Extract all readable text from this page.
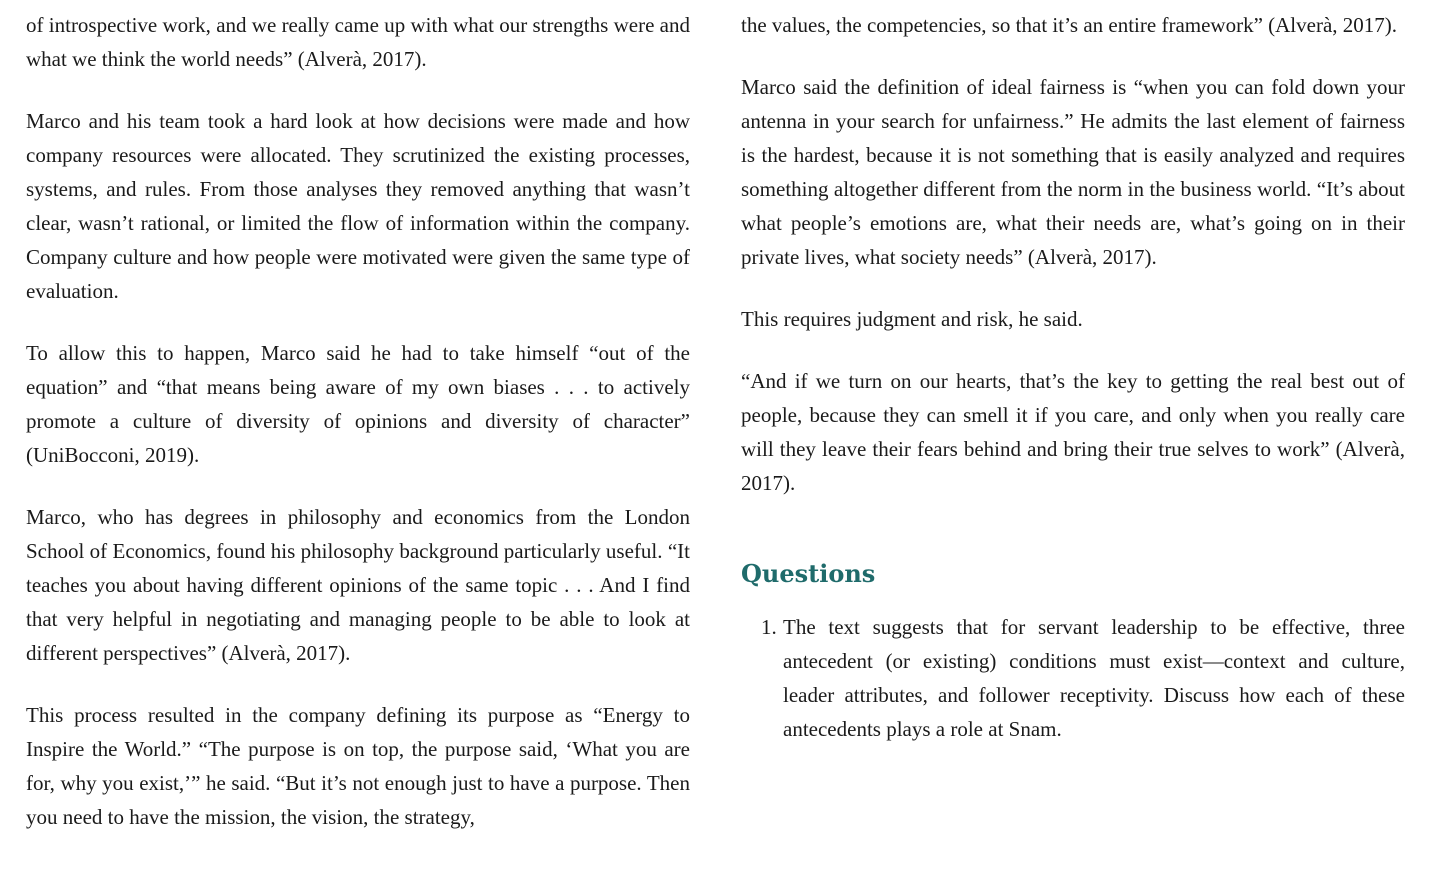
of introspective work, and we really came up with what our strengths were and what we think the world needs” (Alverà, 2017).

Marco and his team took a hard look at how decisions were made and how company resources were allocated. They scrutinized the existing processes, systems, and rules. From those analyses they removed anything that wasn’t clear, wasn’t rational, or limited the flow of information within the company. Company culture and how people were motivated were given the same type of evaluation.

To allow this to happen, Marco said he had to take himself “out of the equation” and “that means being aware of my own biases . . . to actively promote a culture of diversity of opinions and diversity of character” (UniBocconi, 2019).

Marco, who has degrees in philosophy and economics from the London School of Economics, found his philosophy background particularly useful. “It teaches you about having different opinions of the same topic . . . And I find that very helpful in negotiating and managing people to be able to look at different perspectives” (Alverà, 2017).

This process resulted in the company defining its purpose as “Energy to Inspire the World.” “The purpose is on top, the purpose said, ‘What you are for, why you exist,’” he said. “But it’s not enough just to have a purpose. Then you need to have the mission, the vision, the strategy,

the values, the competencies, so that it’s an entire framework” (Alverà, 2017).

Marco said the definition of ideal fairness is “when you can fold down your antenna in your search for unfairness.” He admits the last element of fairness is the hardest, because it is not something that is easily analyzed and requires something altogether different from the norm in the business world. “It’s about what people’s emotions are, what their needs are, what’s going on in their private lives, what society needs” (Alverà, 2017).

This requires judgment and risk, he said.

“And if we turn on our hearts, that’s the key to getting the real best out of people, because they can smell it if you care, and only when you really care will they leave their fears behind and bring their true selves to work” (Alverà, 2017).

Questions
1. The text suggests that for servant leadership to be effective, three antecedent (or existing) conditions must exist—context and culture, leader attributes, and follower receptivity. Discuss how each of these antecedents plays a role at Snam.
